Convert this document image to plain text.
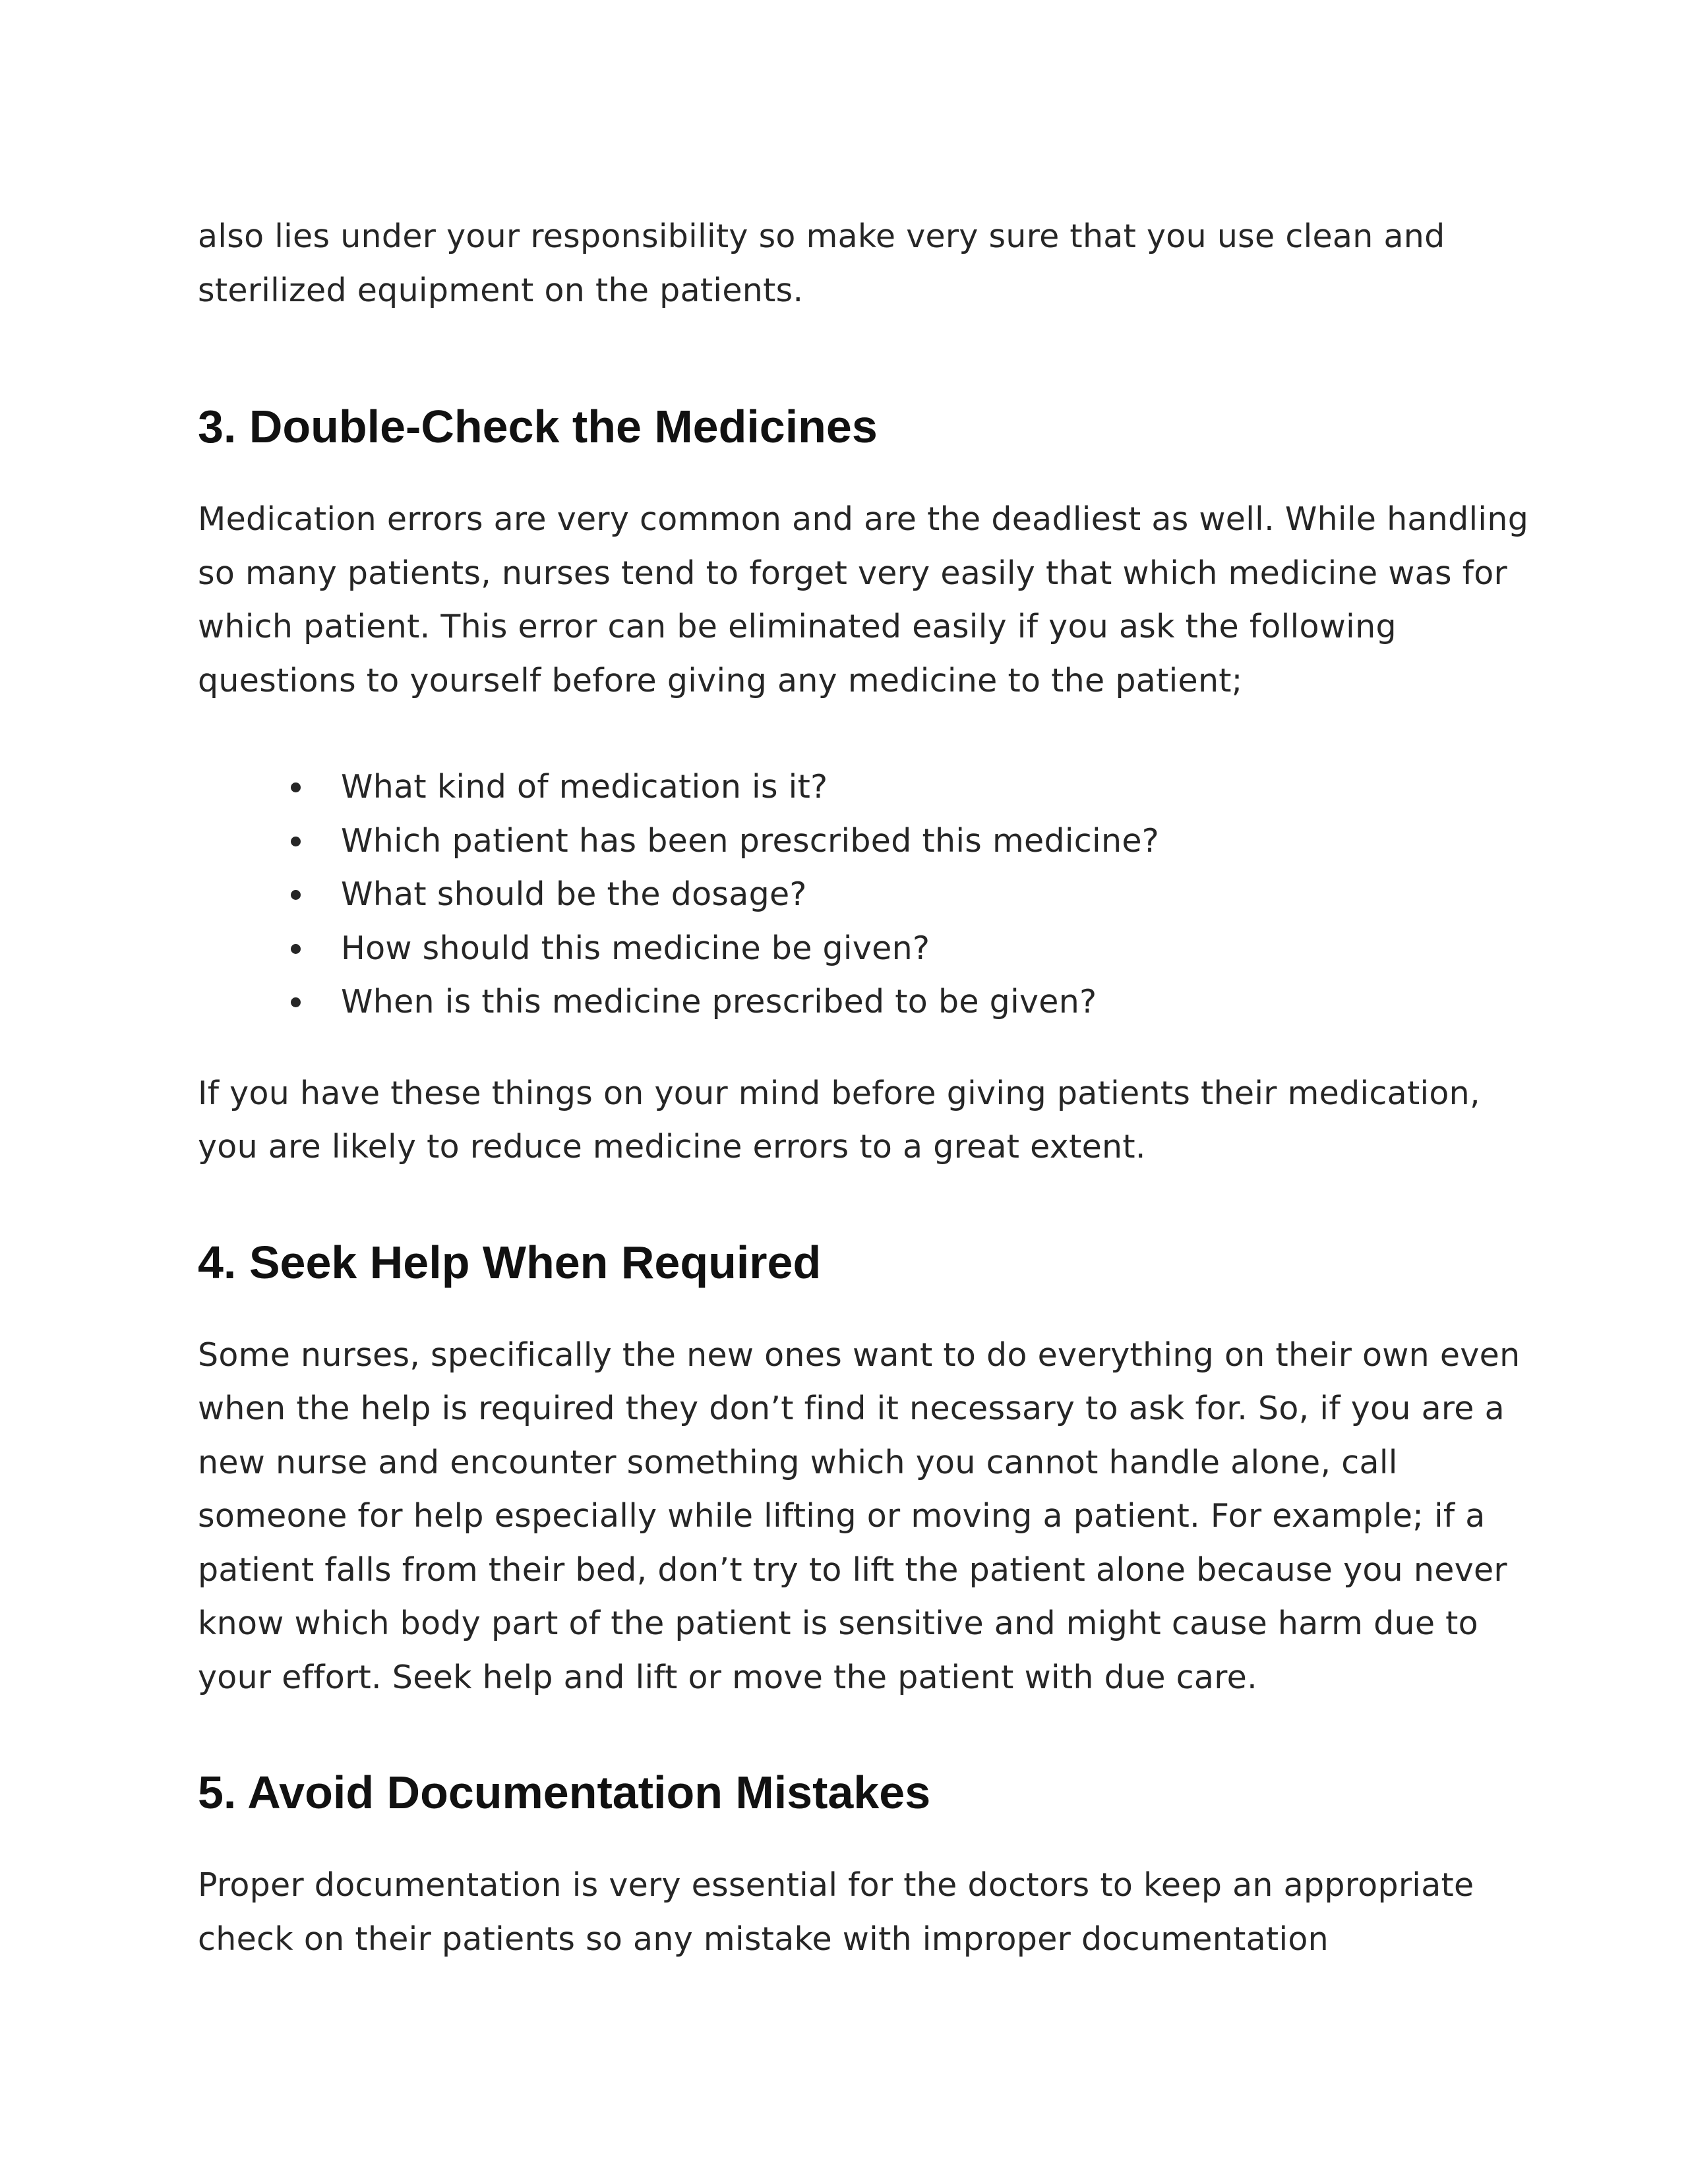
also lies under your responsibility so make very sure that you use clean and sterilized equipment on the patients.

3. Double-Check the Medicines

Medication errors are very common and are the deadliest as well. While handling so many patients, nurses tend to forget very easily that which medicine was for which patient. This error can be eliminated easily if you ask the following questions to yourself before giving any medicine to the patient;

What kind of medication is it?
Which patient has been prescribed this medicine?
What should be the dosage?
How should this medicine be given?
When is this medicine prescribed to be given?

If you have these things on your mind before giving patients their medication, you are likely to reduce medicine errors to a great extent.

4. Seek Help When Required

Some nurses, specifically the new ones want to do everything on their own even when the help is required they don’t find it necessary to ask for. So, if you are a new nurse and encounter something which you cannot handle alone, call someone for help especially while lifting or moving a patient. For example; if a patient falls from their bed, don’t try to lift the patient alone because you never know which body part of the patient is sensitive and might cause harm due to your effort. Seek help and lift or move the patient with due care.

5. Avoid Documentation Mistakes

Proper documentation is very essential for the doctors to keep an appropriate check on their patients so any mistake with improper documentation
